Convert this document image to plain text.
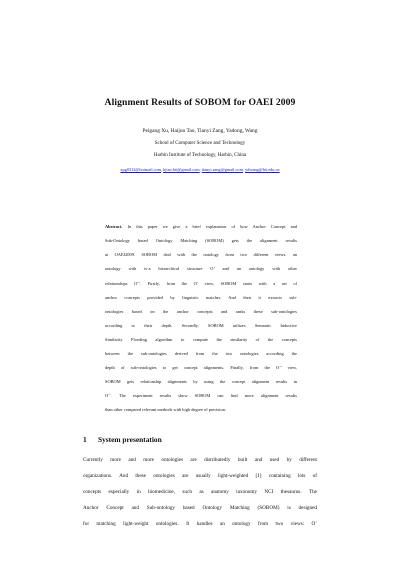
Alignment Results of SOBOM for OAEI 2009
Peigang Xu, Haijun Tao, Tianyi Zang, Yadong, Wang
School of Computer Science and Technology
Harbin Institute of Technology, Harbin, China
xpg0312@hotmail.com, hjtao.hit@gmail.com, tianyi.zang@gmail.com, ydwang@hit.edu.cn
Abstract. In this paper we give a brief explanation of how Anchor Concept and
Sub-Ontology based Ontology Matching (SOBOM) gets the alignment results
at OAEI2009. SOBOM deal with the ontology from two different views: an
ontology with is-a hierarchical structure O’ and an ontology with other
relationships O’’. Firstly, from the O’ view, SOBOM starts with a set of
anchor concepts provided by linguistic matcher. And then it extracts sub-
ontologies based on the anchor concepts and ranks these sub-ontologies
according to their depth. Secondly, SOBOM utilizes Semantic Inductive
Similarity Flooding algorithm to compute the similarity of the concepts
between the sub-ontologies derived from the two ontologies according the
depth of sub-ontologies to get concept alignments. Finally, from the O’’ view,
SOBOM gets relationship alignments by using the concept alignment results in
O’’. The experiment results show SOBOM can find more alignment results
than other compared relevant methods with high degree of precision.
1 System presentation
Currently more and more ontologies are distributedly built and used by different
organizations. And these ontologies are usually light-weighted [1] containing lots of
concepts especially in biomedicine, such as anatomy taxonomy NCI thesaurus. The
Anchor Concept and Sub-ontology based Ontology Matching (SOBOM) is designed
for matching light-weight ontologies. It handles an ontology from two views: O’
